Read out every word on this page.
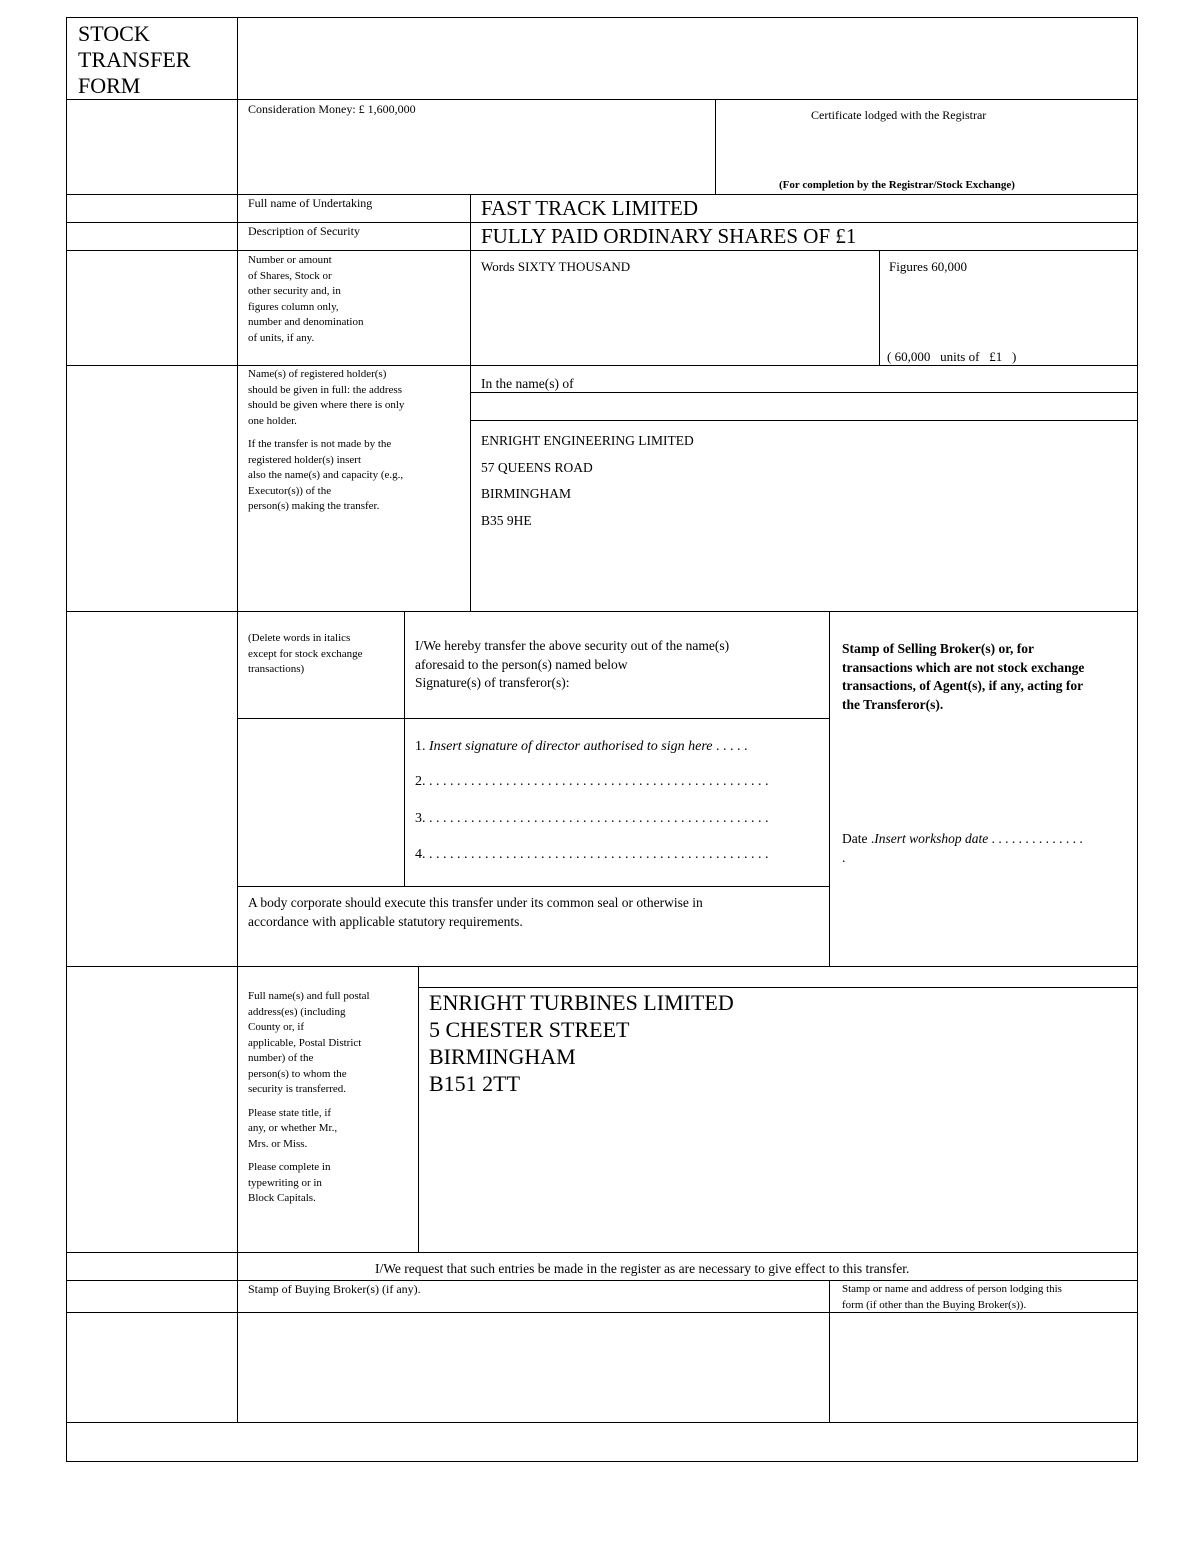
STOCK
TRANSFER
FORM
Consideration Money: £ 1,600,000	Certificate lodged with the Registrar
(For completion by the Registrar/Stock Exchange)
Full name of Undertaking	FAST TRACK LIMITED
Description of Security	FULLY PAID ORDINARY SHARES OF £1
Number or amount
of Shares, Stock or
other security and, in
figures column only,
number and denomination
of units, if any.
Words SIXTY THOUSAND	Figures 60,000
( 60,000   units of   £1   )
Name(s) of registered holder(s)
should be given in full: the address
should be given where there is only
one holder.
If the transfer is not made by the
registered holder(s) insert
also the name(s) and capacity (e.g.,
Executor(s)) of the
person(s) making the transfer.
In the name(s) of
ENRIGHT ENGINEERING LIMITED
57 QUEENS ROAD
BIRMINGHAM
B35 9HE
(Delete words in italics
except for stock exchange
transactions)
I/We hereby transfer the above security out of the name(s)
aforesaid to the person(s) named below
Signature(s) of transferor(s):
Stamp of Selling Broker(s) or, for
transactions which are not stock exchange
transactions, of Agent(s), if any, acting for
the Transferor(s).
1. Insert signature of director authorised to sign here . . . . .
2. . . . . . . . . . . . . . . . . . . . . . . . . . . . . . . . . . . . . . . . . . . . . . . . . .
3. . . . . . . . . . . . . . . . . . . . . . . . . . . . . . . . . . . . . . . . . . . . . . . . . .
4. . . . . . . . . . . . . . . . . . . . . . . . . . . . . . . . . . . . . . . . . . . . . . . . . .
Date .Insert workshop date . . . . . . . . . . . . . .
.
A body corporate should execute this transfer under its common seal or otherwise in
accordance with applicable statutory requirements.
Full name(s) and full postal
address(es) (including
County or, if
applicable, Postal District
number) of the
person(s) to whom the
security is transferred.
Please state title, if
any, or whether Mr.,
Mrs. or Miss.
Please complete in
typewriting or in
Block Capitals.
ENRIGHT TURBINES LIMITED
5 CHESTER STREET
BIRMINGHAM
B151 2TT
I/We request that such entries be made in the register as are necessary to give effect to this transfer.
Stamp of Buying Broker(s) (if any).	Stamp or name and address of person lodging this
form (if other than the Buying Broker(s)).
